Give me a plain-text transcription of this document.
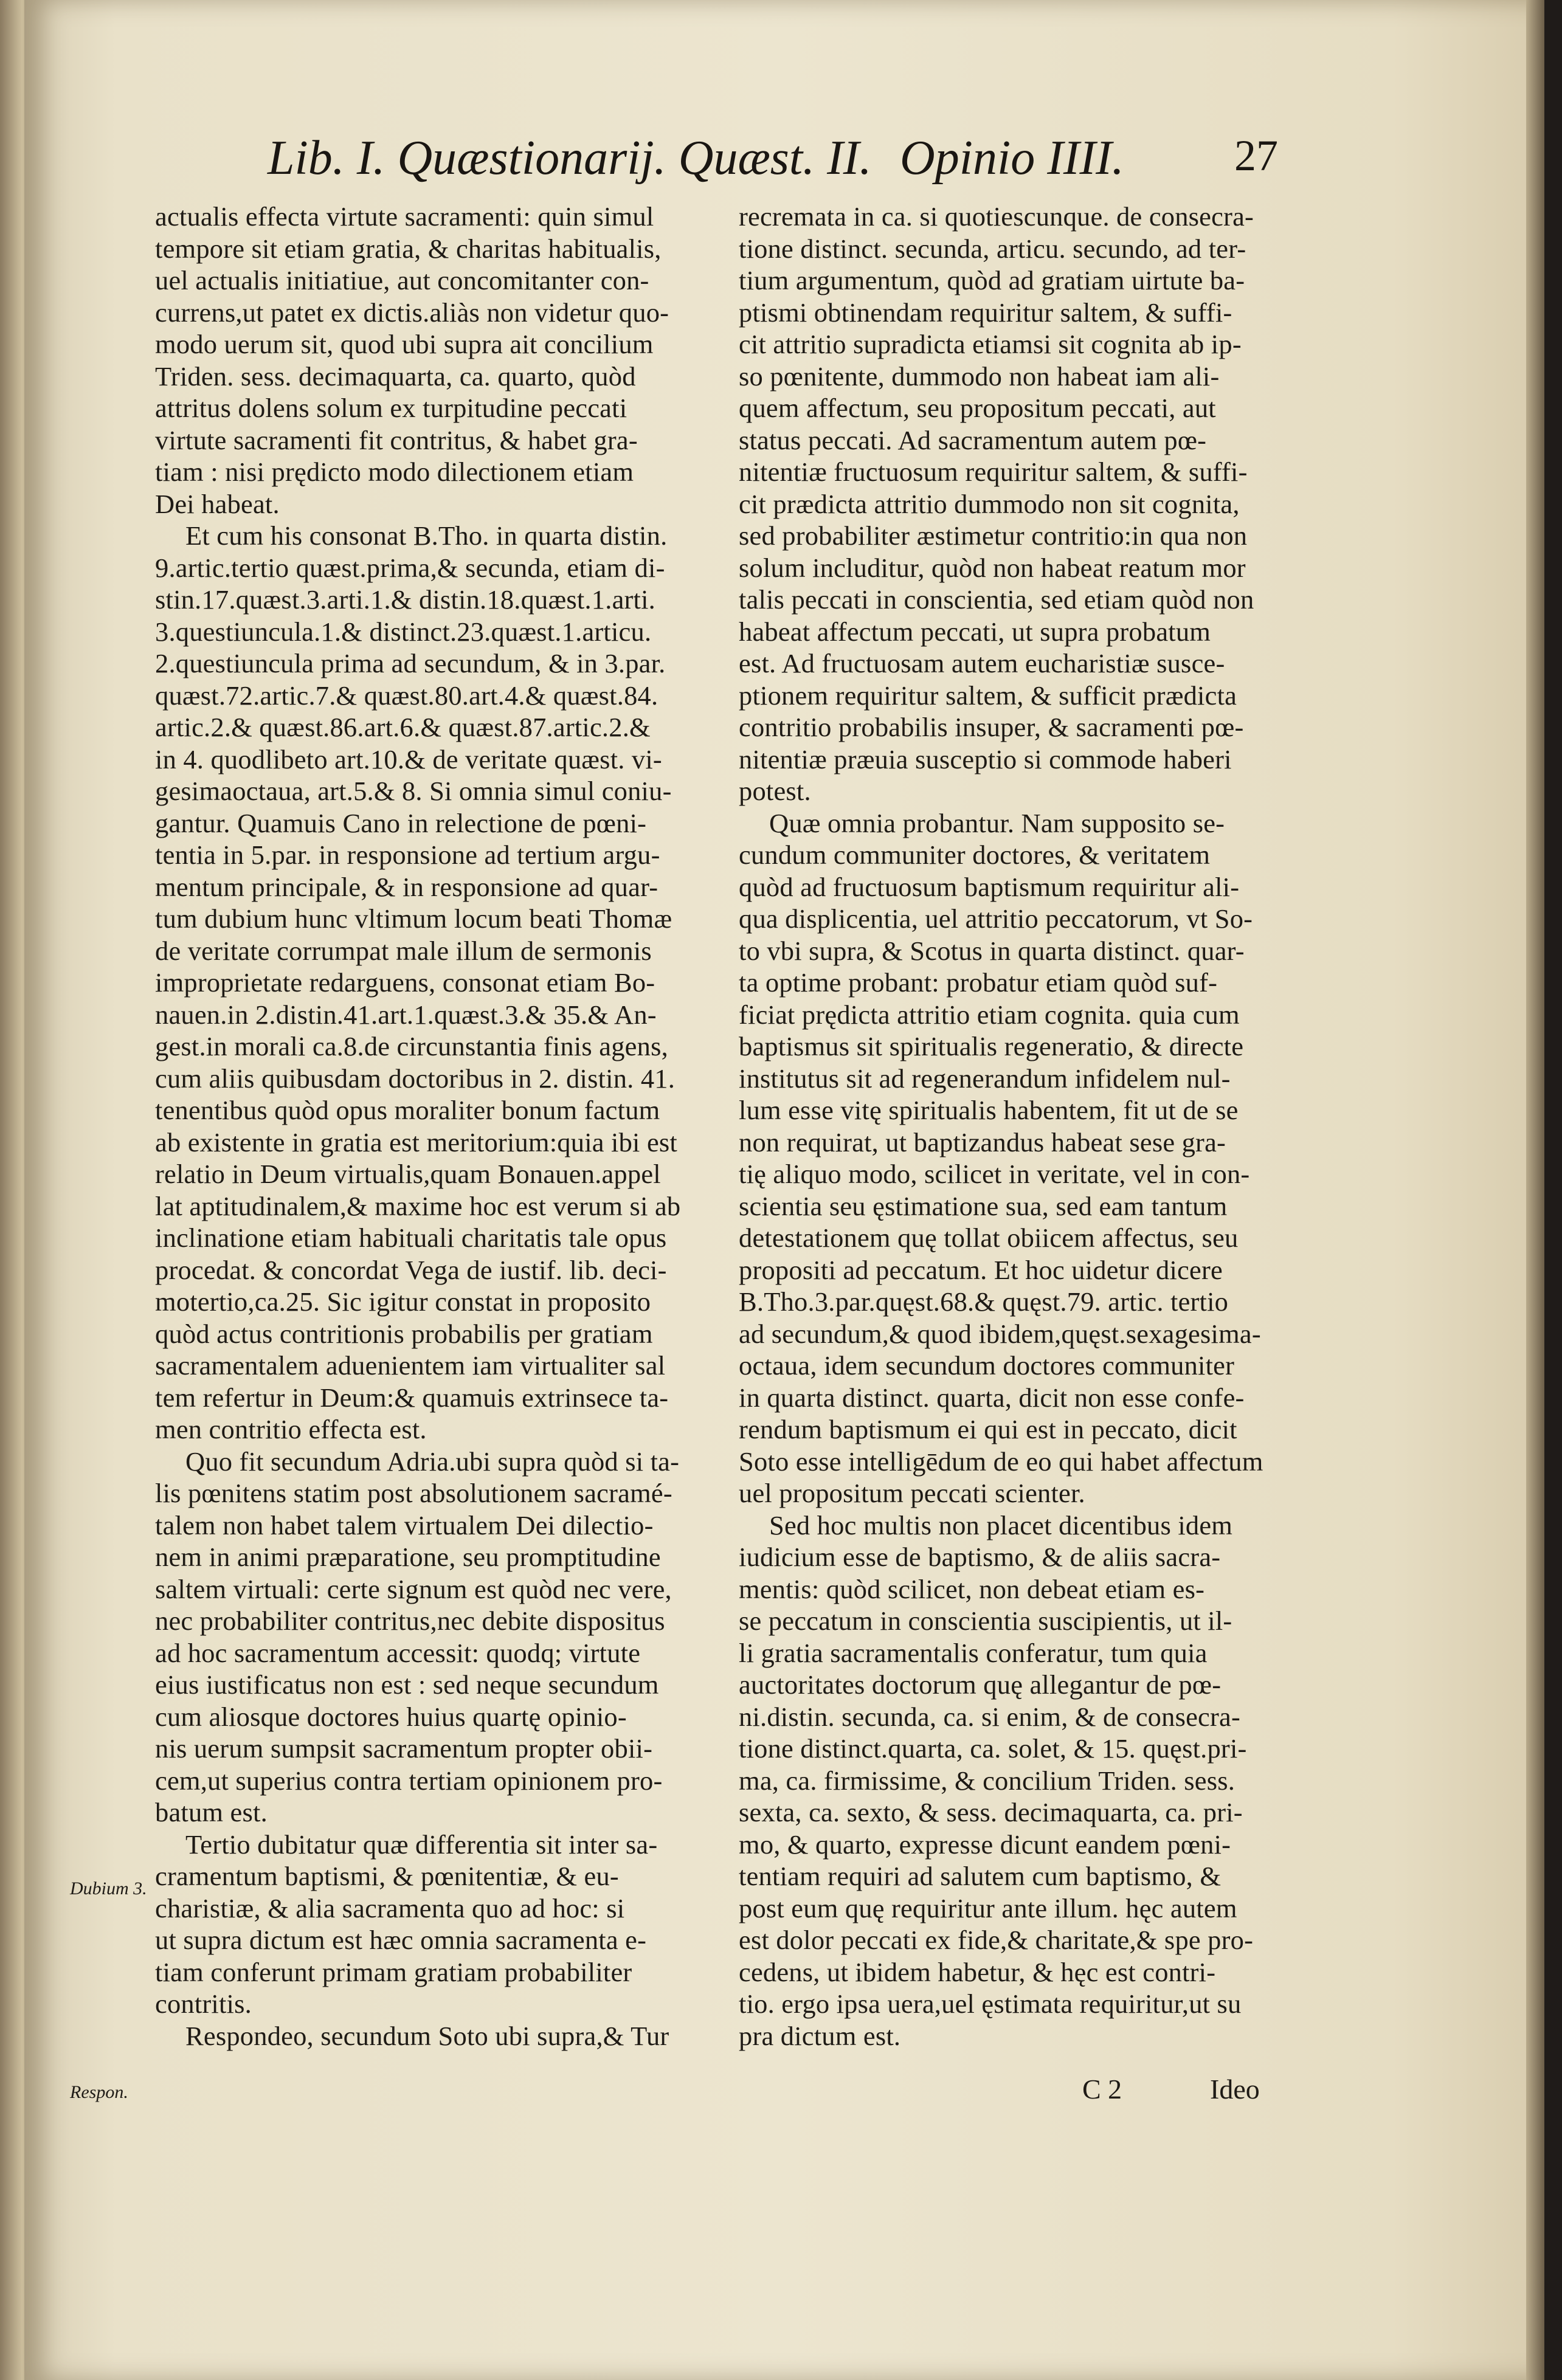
Lib. I. Quæstionarij. Quæst. II. Opinio IIII.	27
actualis effecta virtute sacramenti: quin simul
tempore sit etiam gratia, & charitas habitualis,
uel actualis initiatiue, aut concomitanter con-
currens,ut patet ex dictis.aliàs non videtur quo-
modo uerum sit, quod ubi supra ait concilium
Triden. sess. decimaquarta, ca. quarto, quòd
attritus dolens solum ex turpitudine peccati
virtute sacramenti fit contritus, & habet gra-
tiam : nisi prędicto modo dilectionem etiam
Dei habeat.
Et cum his consonat B.Tho. in quarta distin.
9.artic.tertio quæst.prima,& secunda, etiam di-
stin.17.quæst.3.arti.1.& distin.18.quæst.1.arti.
3.questiuncula.1.& distinct.23.quæst.1.articu.
2.questiuncula prima ad secundum, & in 3.par.
quæst.72.artic.7.& quæst.80.art.4.& quæst.84.
artic.2.& quæst.86.art.6.& quæst.87.artic.2.&
in 4. quodlibeto art.10.& de veritate quæst. vi-
gesimaoctaua, art.5.& 8. Si omnia simul coniu-
gantur. Quamuis Cano in relectione de pœni-
tentia in 5.par. in responsione ad tertium argu-
mentum principale, & in responsione ad quar-
tum dubium hunc vltimum locum beati Thomæ
de veritate corrumpat male illum de sermonis
improprietate redarguens, consonat etiam Bo-
nauen.in 2.distin.41.art.1.quæst.3.& 35.& An-
gest.in morali ca.8.de circunstantia finis agens,
cum aliis quibusdam doctoribus in 2. distin. 41.
tenentibus quòd opus moraliter bonum factum
ab existente in gratia est meritorium:quia ibi est
relatio in Deum virtualis,quam Bonauen.appel
lat aptitudinalem,& maxime hoc est verum si ab
inclinatione etiam habituali charitatis tale opus
procedat. & concordat Vega de iustif. lib. deci-
motertio,ca.25. Sic igitur constat in proposito
quòd actus contritionis probabilis per gratiam
sacramentalem aduenientem iam virtualiter sal
tem refertur in Deum:& quamuis extrinsece ta-
men contritio effecta est.
Quo fit secundum Adria.ubi supra quòd si ta-
lis pœnitens statim post absolutionem sacramé-
talem non habet talem virtualem Dei dilectio-
nem in animi præparatione, seu promptitudine
saltem virtuali: certe signum est quòd nec vere,
nec probabiliter contritus,nec debite dispositus
ad hoc sacramentum accessit: quodq; virtute
eius iustificatus non est : sed neque secundum
cum aliosque doctores huius quartę opinio-
nis uerum sumpsit sacramentum propter obii-
cem,ut superius contra tertiam opinionem pro-
batum est.
Tertio dubitatur quæ differentia sit inter sa-
cramentum baptismi, & pœnitentiæ, & eu-
charistiæ, & alia sacramenta quo ad hoc: si
ut supra dictum est hæc omnia sacramenta e-
tiam conferunt primam gratiam probabiliter
contritis.
Respondeo, secundum Soto ubi supra,& Tur
recremata in ca. si quotiescunque. de consecra-
tione distinct. secunda, articu. secundo, ad ter-
tium argumentum, quòd ad gratiam uirtute ba-
ptismi obtinendam requiritur saltem, & suffi-
cit attritio supradicta etiamsi sit cognita ab ip-
so pœnitente, dummodo non habeat iam ali-
quem affectum, seu propositum peccati, aut
status peccati. Ad sacramentum autem pœ-
nitentiæ fructuosum requiritur saltem, & suffi-
cit prædicta attritio dummodo non sit cognita,
sed probabiliter æstimetur contritio:in qua non
solum includitur, quòd non habeat reatum mor
talis peccati in conscientia, sed etiam quòd non
habeat affectum peccati, ut supra probatum
est. Ad fructuosam autem eucharistiæ susce-
ptionem requiritur saltem, & sufficit prædicta
contritio probabilis insuper, & sacramenti pœ-
nitentiæ præuia susceptio si commode haberi
potest.
Quæ omnia probantur. Nam supposito se-
cundum communiter doctores, & veritatem
quòd ad fructuosum baptismum requiritur ali-
qua displicentia, uel attritio peccatorum, vt So-
to vbi supra, & Scotus in quarta distinct. quar-
ta optime probant: probatur etiam quòd suf-
ficiat prędicta attritio etiam cognita. quia cum
baptismus sit spiritualis regeneratio, & directe
institutus sit ad regenerandum infidelem nul-
lum esse vitę spiritualis habentem, fit ut de se
non requirat, ut baptizandus habeat sese gra-
tię aliquo modo, scilicet in veritate, vel in con-
scientia seu ęstimatione sua, sed eam tantum
detestationem quę tollat obiicem affectus, seu
propositi ad peccatum. Et hoc uidetur dicere
B.Tho.3.par.quęst.68.& quęst.79. artic. tertio
ad secundum,& quod ibidem,quęst.sexagesima-
octaua, idem secundum doctores communiter
in quarta distinct. quarta, dicit non esse confe-
rendum baptismum ei qui est in peccato, dicit
Soto esse intelligēdum de eo qui habet affectum
uel propositum peccati scienter.
Sed hoc multis non placet dicentibus idem
iudicium esse de baptismo, & de aliis sacra-
mentis: quòd scilicet, non debeat etiam es-
se peccatum in conscientia suscipientis, ut il-
li gratia sacramentalis conferatur, tum quia
auctoritates doctorum quę allegantur de pœ-
ni.distin. secunda, ca. si enim, & de consecra-
tione distinct.quarta, ca. solet, & 15. quęst.pri-
ma, ca. firmissime, & concilium Triden. sess.
sexta, ca. sexto, & sess. decimaquarta, ca. pri-
mo, & quarto, expresse dicunt eandem pœni-
tentiam requiri ad salutem cum baptismo, &
post eum quę requiritur ante illum. hęc autem
est dolor peccati ex fide,& charitate,& spe pro-
cedens, ut ibidem habetur, & hęc est contri-
tio. ergo ipsa uera,uel ęstimata requiritur,ut su
pra dictum est.
Dubium 3.
Respon.	C 2	Ideo
